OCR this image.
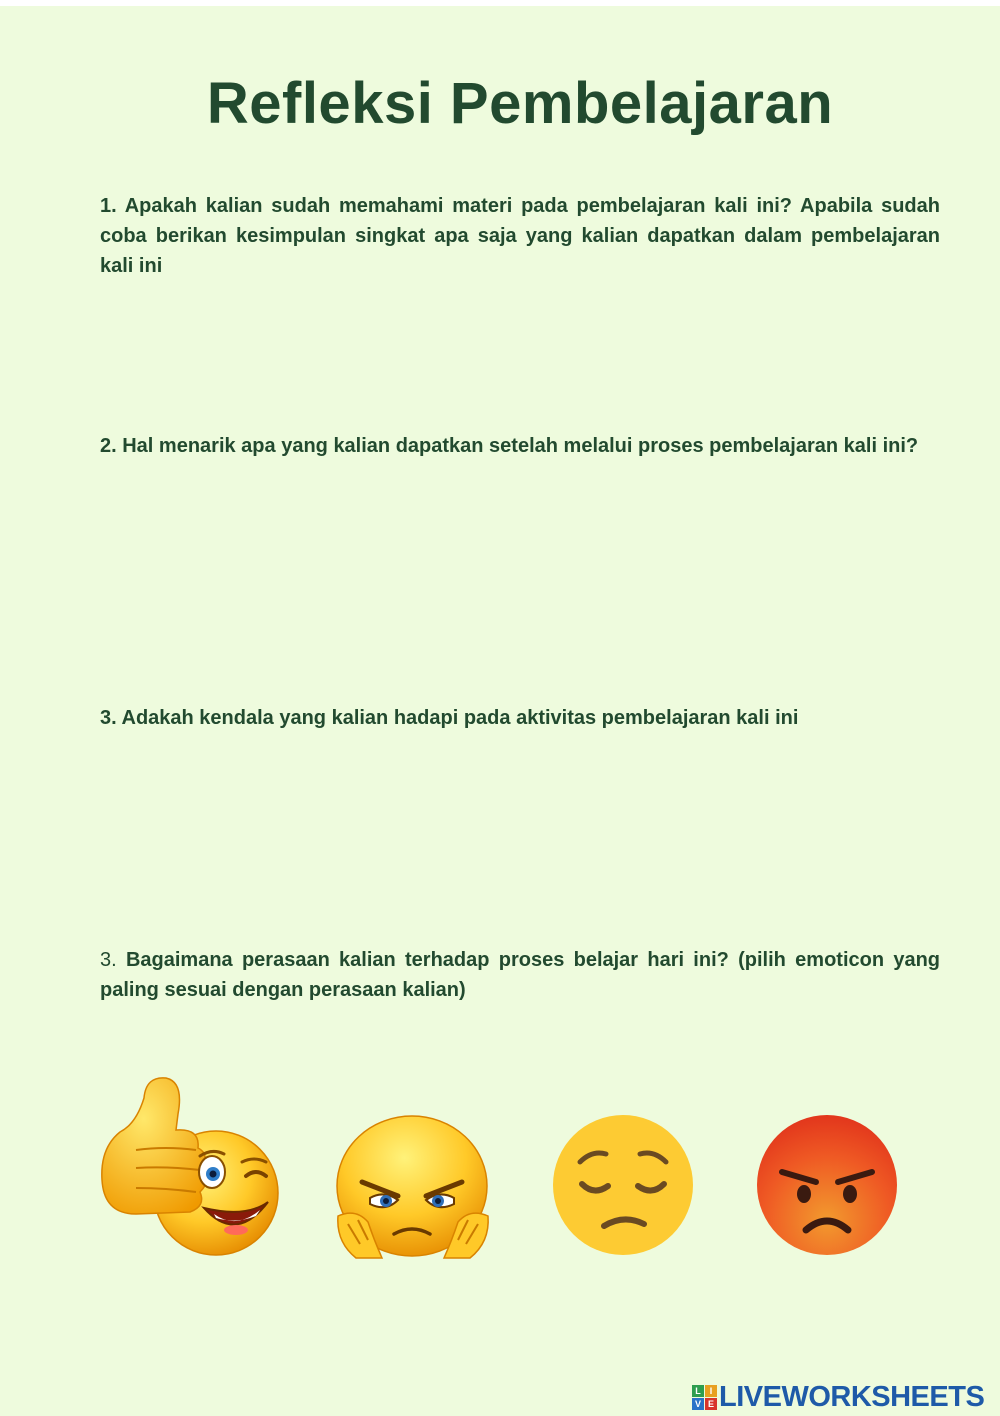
Refleksi Pembelajaran
1. Apakah kalian sudah memahami materi pada pembelajaran kali ini? Apabila sudah coba berikan kesimpulan singkat apa saja yang kalian dapatkan dalam pembelajaran kali ini
2. Hal menarik apa yang kalian dapatkan setelah melalui proses pembelajaran kali ini?
3. Adakah kendala yang kalian hadapi pada aktivitas pembelajaran kali ini
3. Bagaimana perasaan kalian terhadap proses belajar hari ini? (pilih emoticon yang paling sesuai dengan perasaan kalian)
L I
V E LIVEWORKSHEETS
